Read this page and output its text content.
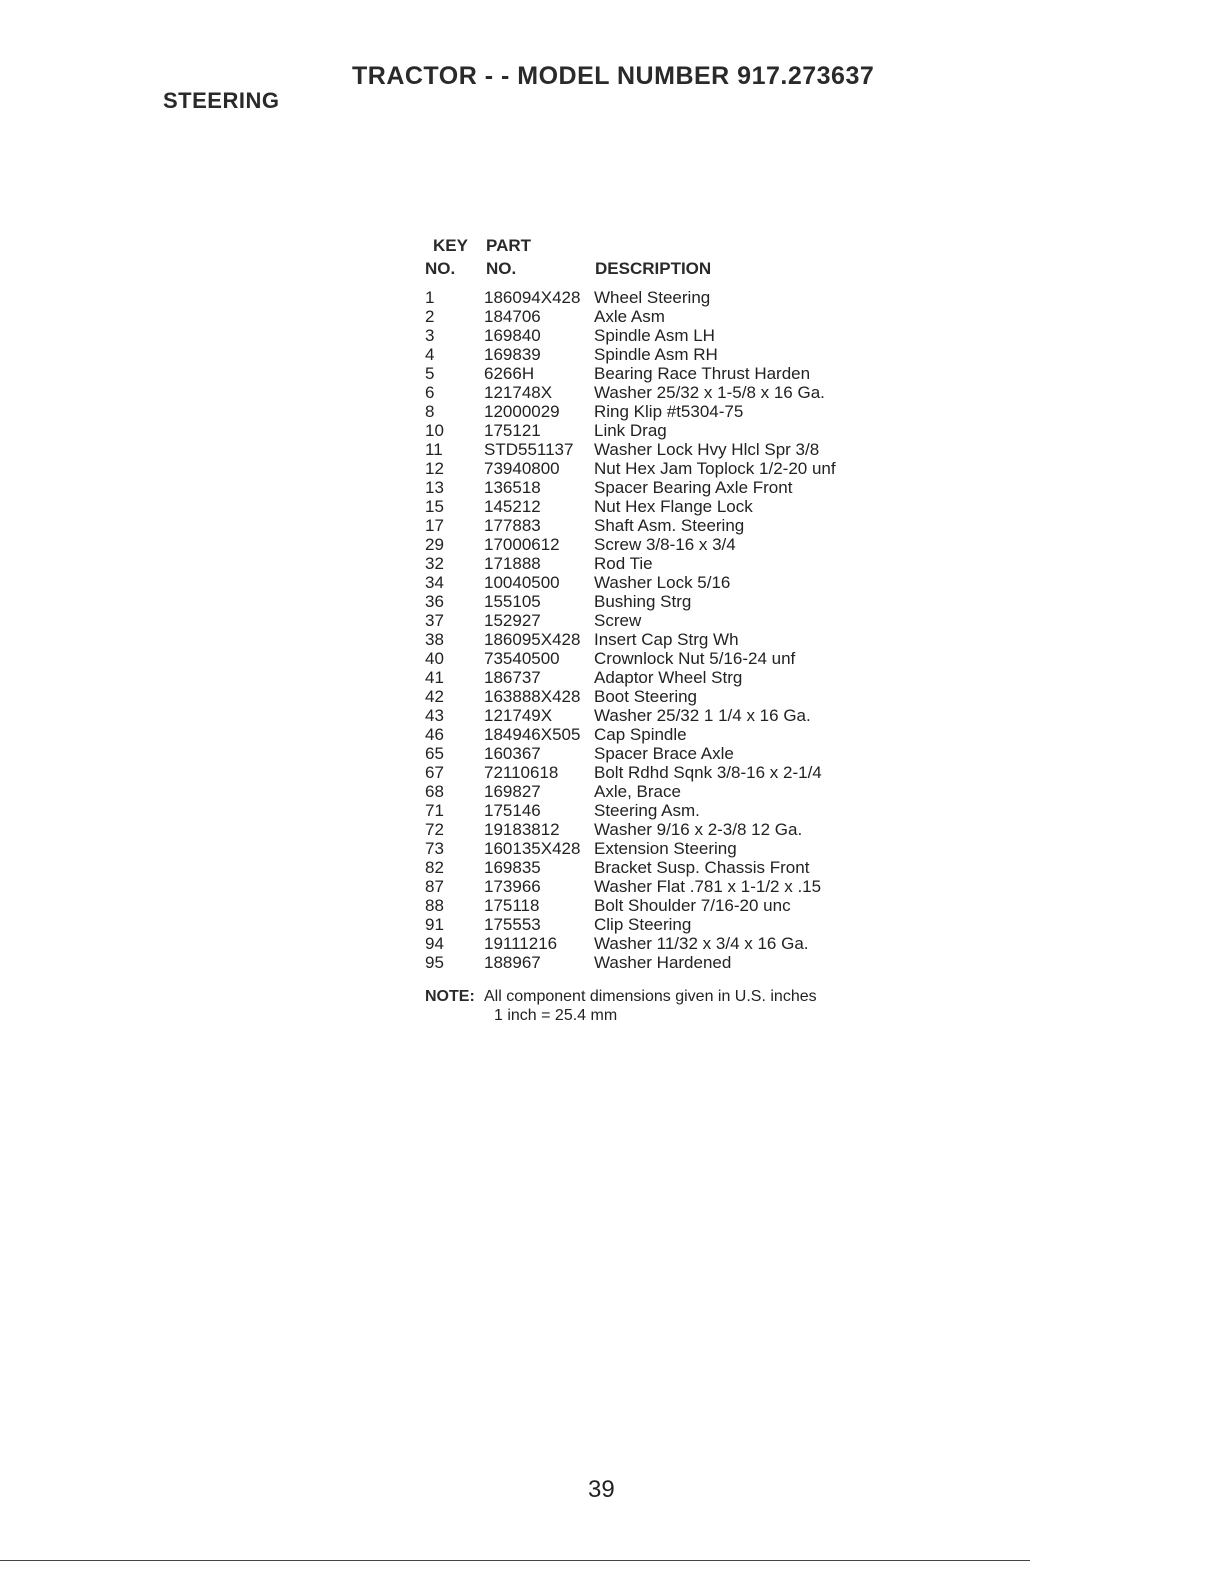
TRACTOR - - MODEL NUMBER 917.273637
STEERING
KEY PART
NO. NO.	DESCRIPTION
1	186094X428 Wheel Steering
2	184706	Axle Asm
3	169840	Spindle Asm LH
4	169839	Spindle Asm RH
5	6266H	Bearing Race Thrust Harden
6	121748X Washer 25/32 x 1-5/8 x 16 Ga.
8	12000029 Ring Klip #t5304-75
10 175121	Link Drag
11 STD551137 Washer Lock Hvy Hlcl Spr 3/8
12 73940800 Nut Hex Jam Toplock 1/2-20 unf
13 136518	Spacer Bearing Axle Front
15 145212	Nut Hex Flange Lock
17 177883	Shaft Asm. Steering
29 17000612 Screw 3/8-16 x 3/4
32 171888	Rod Tie
34 10040500 Washer Lock 5/16
36 155105	Bushing Strg
37 152927	Screw
38 186095X428 Insert Cap Strg Wh
40 73540500 Crownlock Nut 5/16-24 unf
41 186737	Adaptor Wheel Strg
42 163888X428 Boot Steering
43 121749X Washer 25/32 1 1/4 x 16 Ga.
46 184946X505 Cap Spindle
65 160367	Spacer Brace Axle
67 72110618 Bolt Rdhd Sqnk 3/8-16 x 2-1/4
68 169827	Axle, Brace
71 175146	Steering Asm.
72 19183812 Washer 9/16 x 2-3/8 12 Ga.
73 160135X428 Extension Steering
82 169835	Bracket Susp. Chassis Front
87 173966	Washer Flat .781 x 1-1/2 x .15
88 175118	Bolt Shoulder 7/16-20 unc
91 175553	Clip Steering
94 19111216 Washer 11/32 x 3/4 x 16 Ga.
95 188967	Washer Hardened
NOTE: All component dimensions given in U.S. inches
1 inch = 25.4 mm
39
